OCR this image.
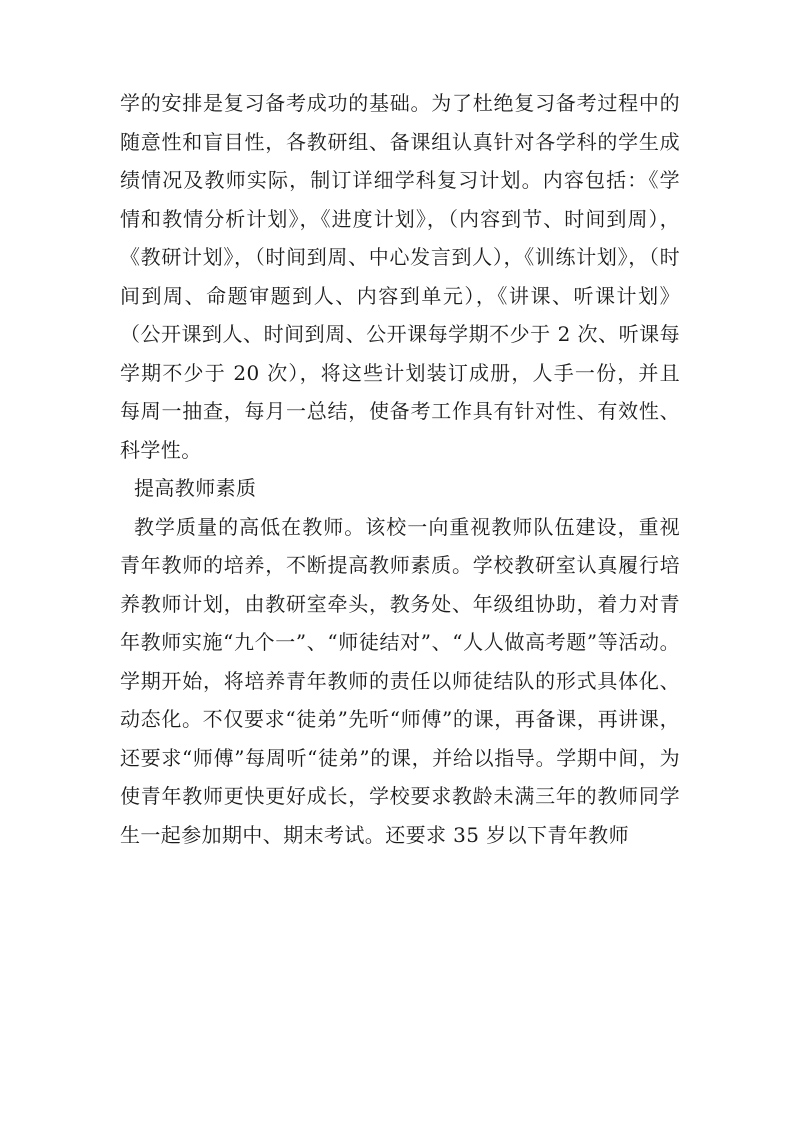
学的安排是复习备考成功的基础。为了杜绝复习备考过程中的随意性和盲目性，各教研组、备课组认真针对各学科的学生成绩情况及教师实际，制订详细学科复习计划。内容包括：《学情和教情分析计划》，《进度计划》，（内容到节、时间到周），《教研计划》，（时间到周、中心发言到人），《训练计划》，（时间到周、命题审题到人、内容到单元），《讲课、听课计划》（公开课到人、时间到周、公开课每学期不少于 2 次、听课每学期不少于 20 次），将这些计划装订成册，人手一份，并且每周一抽查，每月一总结，使备考工作具有针对性、有效性、科学性。

提高教师素质

教学质量的高低在教师。该校一向重视教师队伍建设，重视青年教师的培养，不断提高教师素质。学校教研室认真履行培养教师计划，由教研室牵头，教务处、年级组协助，着力对青年教师实施“九个一”、“师徒结对”、“人人做高考题”等活动。学期开始，将培养青年教师的责任以师徒结队的形式具体化、动态化。不仅要求“徒弟”先听“师傅”的课，再备课，再讲课，还要求“师傅”每周听“徒弟”的课，并给以指导。学期中间，为使青年教师更快更好成长，学校要求教龄未满三年的教师同学生一起参加期中、期末考试。还要求 35 岁以下青年教师
